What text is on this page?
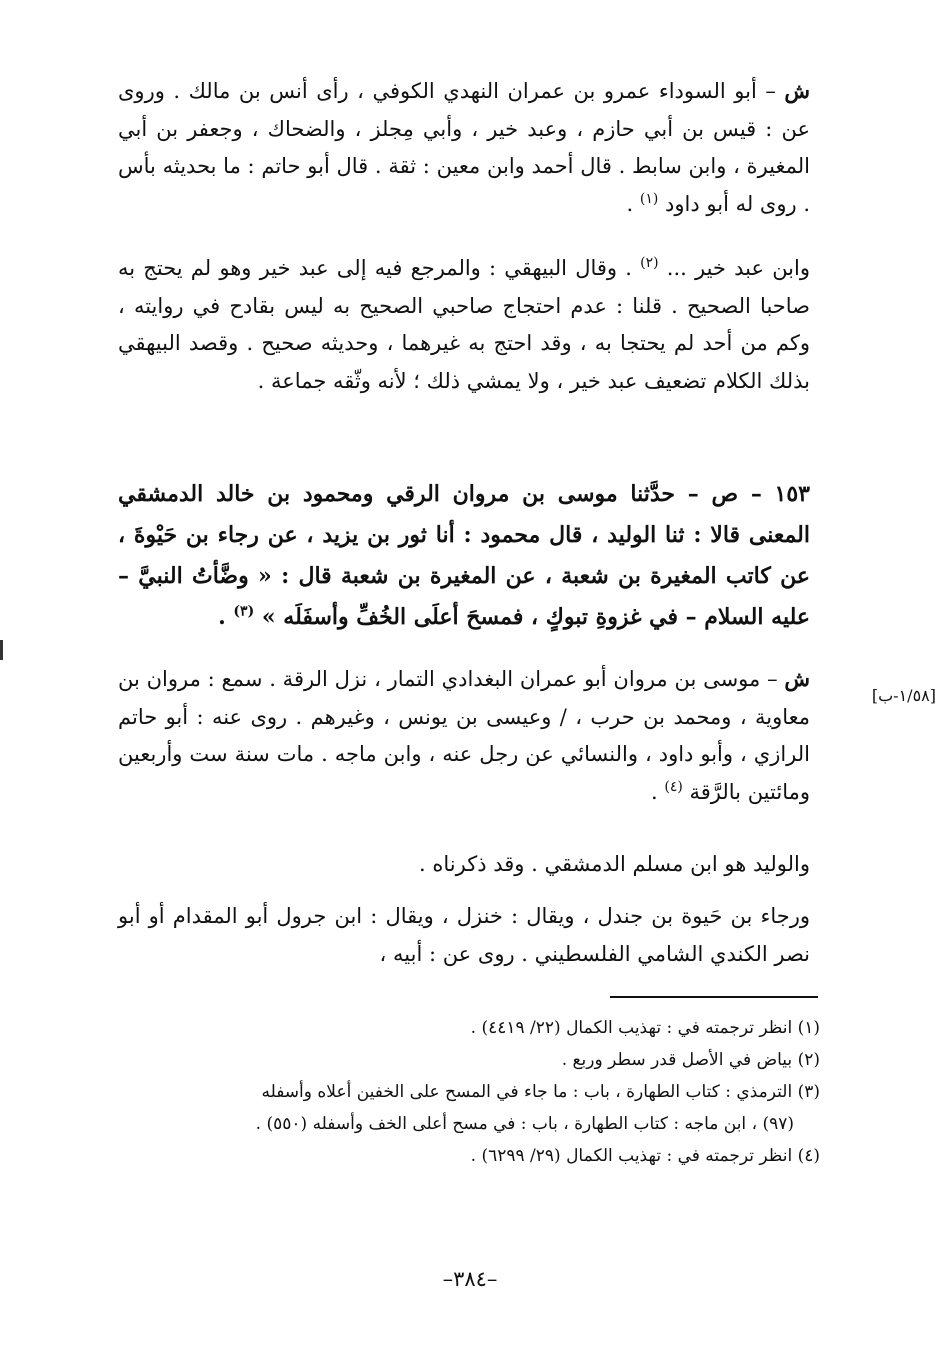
ش – أبو السوداء عمرو بن عمران النهدي الكوفي ، رأى أنس بن مالك . وروى عن : قيس بن أبي حازم ، وعبد خير ، وأبي مِجلز ، والضحاك ، وجعفر بن أبي المغيرة ، وابن سابط . قال أحمد وابن معين : ثقة . قال أبو حاتم : ما بحديثه بأس . روى له أبو داود $^{(١)}$ .
وابن عبد خير ... $^{(٢)}$ . وقال البيهقي : والمرجع فيه إلى عبد خير وهو لم يحتج به صاحبا الصحيح . قلنا : عدم احتجاج صاحبي الصحيح به ليس بقادح في روايته ، وكم من أحد لم يحتجا به ، وقد احتج به غيرهما ، وحديثه صحيح . وقصد البيهقي بذلك الكلام تضعيف عبد خير ، ولا يمشي ذلك ؛ لأنه وثّقه جماعة .
١٥٣ – ص – حدَّثنا موسى بن مروان الرقي ومحمود بن خالد الدمشقي المعنى قالا : ثنا الوليد ، قال محمود : أنا ثور بن يزيد ، عن رجاء بن حَيْوةَ ، عن كاتب المغيرة بن شعبة ، عن المغيرة بن شعبة قال : « وضَّأتُ النبيَّ – عليه السلام – في غزوةِ تبوكٍ ، فمسحَ أعلَى الخُفِّ وأسفَلَه » $^{(٣)}$ .
ش – موسى بن مروان أبو عمران البغدادي التمار ، نزل الرقة . سمع : مروان بن معاوية ، ومحمد بن حرب ، / وعيسى بن يونس ، وغيرهم . روى عنه : أبو حاتم الرازي ، وأبو داود ، والنسائي عن رجل عنه ، وابن ماجه . مات سنة ست وأربعين ومائتين بالرَّقة $^{(٤)}$ .
[١/٥٨-ب]
والوليد هو ابن مسلم الدمشقي . وقد ذكرناه .
ورجاء بن حَيوة بن جندل ، ويقال : خنزل ، ويقال : ابن جرول أبو المقدام أو أبو نصر الكندي الشامي الفلسطيني . روى عن : أبيه ،
(١) انظر ترجمته في : تهذيب الكمال (٢٢/ ٤٤١٩) .
(٢) بياض في الأصل قدر سطر وربع .
(٣) الترمذي : كتاب الطهارة ، باب : ما جاء في المسح على الخفين أعلاه وأسفله
(٩٧) ، ابن ماجه : كتاب الطهارة ، باب : في مسح أعلى الخف وأسفله (٥٥٠) .
(٤) انظر ترجمته في : تهذيب الكمال (٢٩/ ٦٢٩٩) .
–٣٨٤–
